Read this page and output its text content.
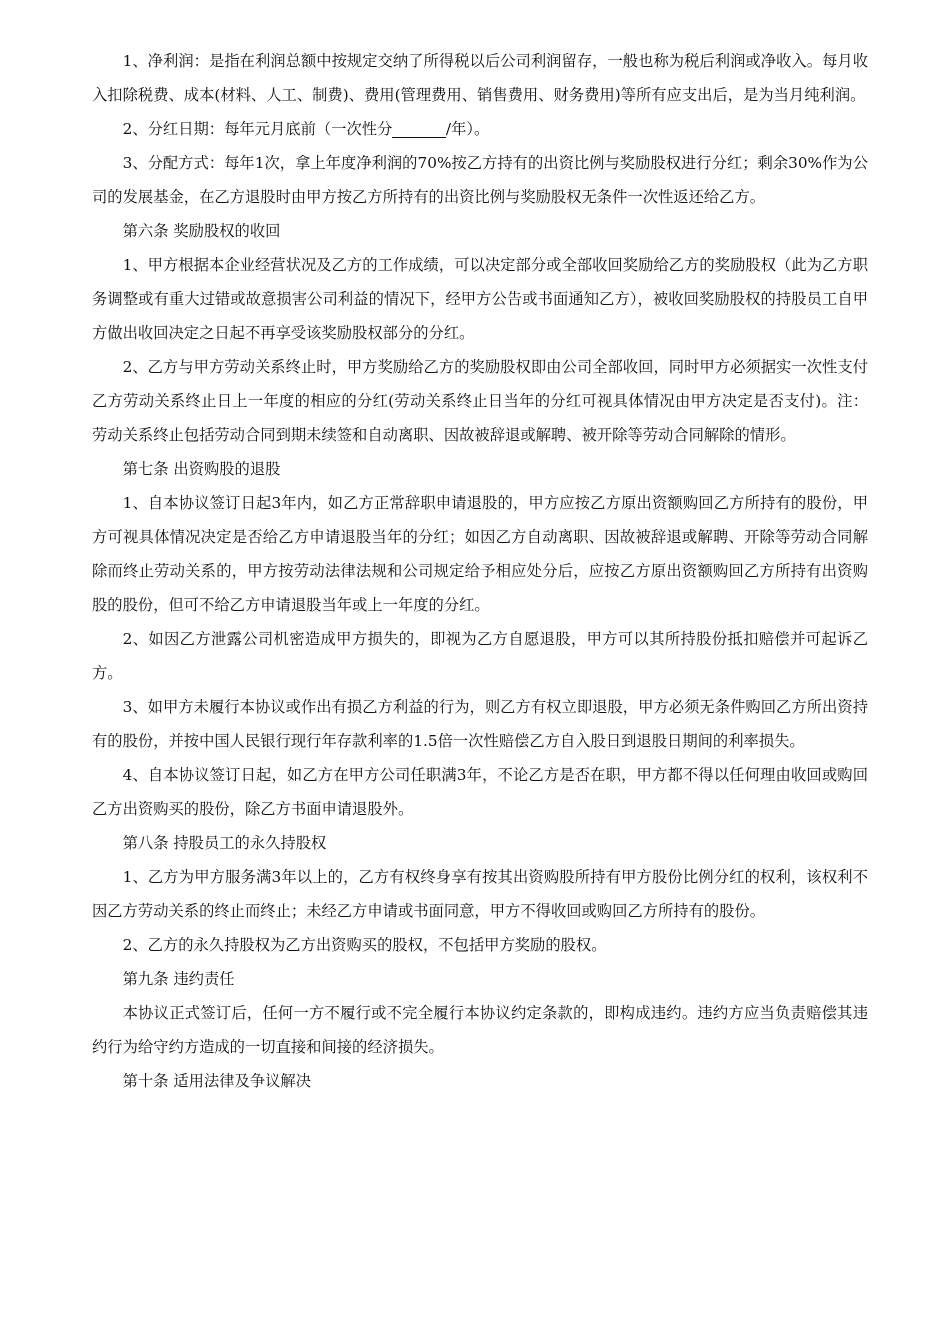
1、净利润：是指在利润总额中按规定交纳了所得税以后公司利润留存，一般也称为税后利润或净收入。每月收入扣除税费、成本(材料、人工、制费)、费用(管理费用、销售费用、财务费用)等所有应支出后，是为当月纯利润。

2、分红日期：每年元月底前（一次性分 ___/年）。

3、分配方式：每年1次，拿上年度净利润的70%按乙方持有的出资比例与奖励股权进行分红；剩余30%作为公司的发展基金，在乙方退股时由甲方按乙方所持有的出资比例与奖励股权无条件一次性返还给乙方。

第六条 奖励股权的收回

1、甲方根据本企业经营状况及乙方的工作成绩，可以决定部分或全部收回奖励给乙方的奖励股权（此为乙方职务调整或有重大过错或故意损害公司利益的情况下，经甲方公告或书面通知乙方），被收回奖励股权的持股员工自甲方做出收回决定之日起不再享受该奖励股权部分的分红。

2、乙方与甲方劳动关系终止时，甲方奖励给乙方的奖励股权即由公司全部收回，同时甲方必须据实一次性支付乙方劳动关系终止日上一年度的相应的分红(劳动关系终止日当年的分红可视具体情况由甲方决定是否支付)。注：劳动关系终止包括劳动合同到期未续签和自动离职、因故被辞退或解聘、被开除等劳动合同解除的情形。

第七条 出资购股的退股

1、自本协议签订日起3年内，如乙方正常辞职申请退股的，甲方应按乙方原出资额购回乙方所持有的股份，甲方可视具体情况决定是否给乙方申请退股当年的分红；如因乙方自动离职、因故被辞退或解聘、开除等劳动合同解除而终止劳动关系的，甲方按劳动法律法规和公司规定给予相应处分后，应按乙方原出资额购回乙方所持有出资购股的股份，但可不给乙方申请退股当年或上一年度的分红。

2、如因乙方泄露公司机密造成甲方损失的，即视为乙方自愿退股，甲方可以其所持股份抵扣赔偿并可起诉乙方。

3、如甲方未履行本协议或作出有损乙方利益的行为，则乙方有权立即退股，甲方必须无条件购回乙方所出资持有的股份，并按中国人民银行现行年存款利率的1.5倍一次性赔偿乙方自入股日到退股日期间的利率损失。

4、自本协议签订日起，如乙方在甲方公司任职满3年，不论乙方是否在职，甲方都不得以任何理由收回或购回乙方出资购买的股份，除乙方书面申请退股外。

第八条 持股员工的永久持股权

1、乙方为甲方服务满3年以上的，乙方有权终身享有按其出资购股所持有甲方股份比例分红的权利，该权利不因乙方劳动关系的终止而终止；未经乙方申请或书面同意，甲方不得收回或购回乙方所持有的股份。

2、乙方的永久持股权为乙方出资购买的股权，不包括甲方奖励的股权。

第九条 违约责任

本协议正式签订后，任何一方不履行或不完全履行本协议约定条款的，即构成违约。违约方应当负责赔偿其违约行为给守约方造成的一切直接和间接的经济损失。

第十条 适用法律及争议解决
